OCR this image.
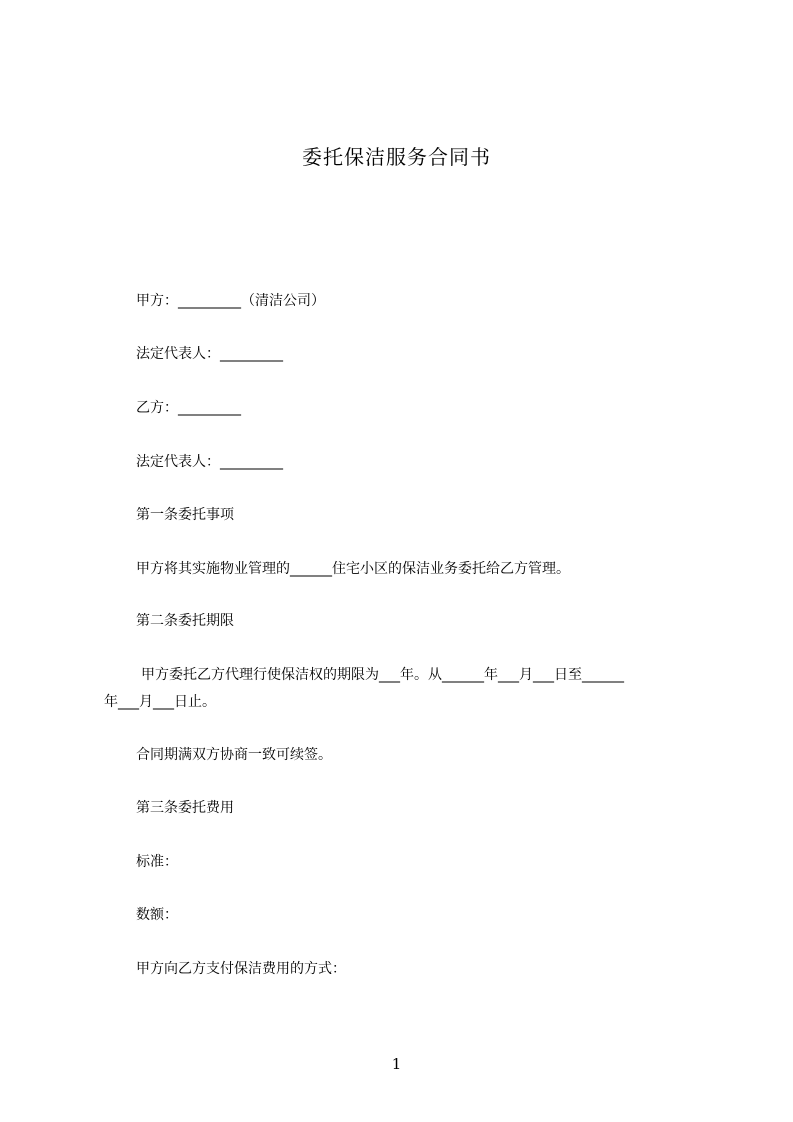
委托保洁服务合同书
甲方：_________（清洁公司）
法定代表人：_________
乙方：_________
法定代表人：_________
第一条委托事项
甲方将其实施物业管理的______住宅小区的保洁业务委托给乙方管理。
第二条委托期限
甲方委托乙方代理行使保洁权的期限为___年。从______年___月___日至______
年___月___日止。
合同期满双方协商一致可续签。
第三条委托费用
标准：
数额：
甲方向乙方支付保洁费用的方式：
1
